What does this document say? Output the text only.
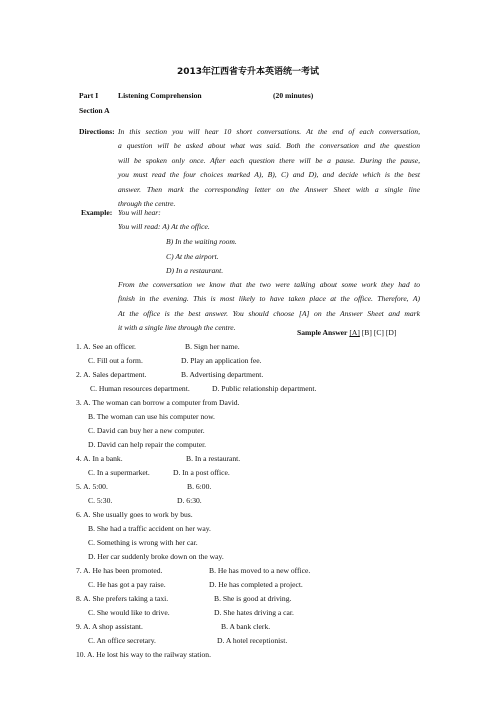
2013年江西省专升本英语统一考试
Part I	Listening Comprehension	(20 minutes)
Section A
Directions: In this section you will hear 10 short conversations. At the end of each conversation,
a question will be asked about what was said. Both the conversation and the question
will be spoken only once. After each question there will be a pause. During the pause,
you must read the four choices marked A), B), C) and D), and decide which is the best
answer. Then mark the corresponding letter on the Answer Sheet with a single line
through the centre.
Example: You will hear:
You will read: A) At the office.
B) In the waiting room.
C) At the airport.
D) In a restaurant.
From the conversation we know that the two were talking about some work they had to
finish in the evening. This is most likely to have taken place at the office. Therefore, A)
At the office is the best answer. You should choose [A] on the Answer Sheet and mark
it with a single line through the centre.
Sample Answer [A] [B] [C] [D]
1. A. See an officer.	B. Sign her name.
C. Fill out a form.	D. Play an application fee.
2. A. Sales department.	B. Advertising department.
C. Human resources department.	D. Public relationship department.
3. A. The woman can borrow a computer from David.
B. The woman can use his computer now.
C. David can buy her a new computer.
D. David can help repair the computer.
4. A. In a bank.	B. In a restaurant.
C. In a supermarket.	D. In a post office.
5. A. 5:00.	B. 6:00.
C. 5:30.	D. 6:30.
6. A. She usually goes to work by bus.
B. She had a traffic accident on her way.
C. Something is wrong with her car.
D. Her car suddenly broke down on the way.
7. A. He has been promoted.	B. He has moved to a new office.
C. He has got a pay raise.	D. He has completed a project.
8. A. She prefers taking a taxi.	B. She is good at driving.
C. She would like to drive.	D. She hates driving a car.
9. A. A shop assistant.	B. A bank clerk.
C. An office secretary.	D. A hotel receptionist.
10. A. He lost his way to the railway station.
